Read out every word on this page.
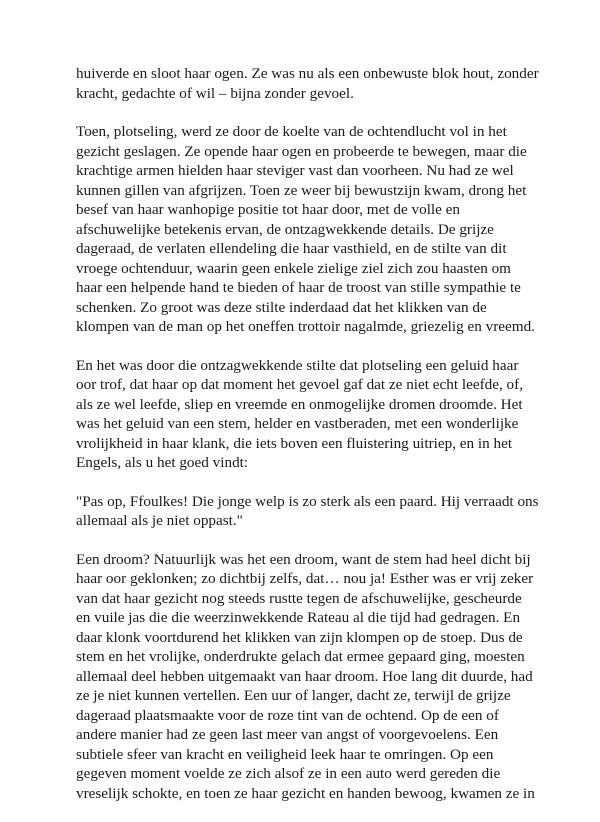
huiverde en sloot haar ogen. Ze was nu als een onbewuste blok hout, zonder
kracht, gedachte of wil – bijna zonder gevoel.

Toen, plotseling, werd ze door de koelte van de ochtendlucht vol in het
gezicht geslagen. Ze opende haar ogen en probeerde te bewegen, maar die
krachtige armen hielden haar steviger vast dan voorheen. Nu had ze wel
kunnen gillen van afgrijzen. Toen ze weer bij bewustzijn kwam, drong het
besef van haar wanhopige positie tot haar door, met de volle en
afschuwelijke betekenis ervan, de ontzagwekkende details. De grijze
dageraad, de verlaten ellendeling die haar vasthield, en de stilte van dit
vroege ochtenduur, waarin geen enkele zielige ziel zich zou haasten om
haar een helpende hand te bieden of haar de troost van stille sympathie te
schenken. Zo groot was deze stilte inderdaad dat het klikken van de
klompen van de man op het oneffen trottoir nagalmde, griezelig en vreemd.

En het was door die ontzagwekkende stilte dat plotseling een geluid haar
oor trof, dat haar op dat moment het gevoel gaf dat ze niet echt leefde, of,
als ze wel leefde, sliep en vreemde en onmogelijke dromen droomde. Het
was het geluid van een stem, helder en vastberaden, met een wonderlijke
vrolijkheid in haar klank, die iets boven een fluistering uitriep, en in het
Engels, als u het goed vindt:

"Pas op, Ffoulkes! Die jonge welp is zo sterk als een paard. Hij verraadt ons
allemaal als je niet oppast."

Een droom? Natuurlijk was het een droom, want de stem had heel dicht bij
haar oor geklonken; zo dichtbij zelfs, dat… nou ja! Esther was er vrij zeker
van dat haar gezicht nog steeds rustte tegen de afschuwelijke, gescheurde
en vuile jas die die weerzinwekkende Rateau al die tijd had gedragen. En
daar klonk voortdurend het klikken van zijn klompen op de stoep. Dus de
stem en het vrolijke, onderdrukte gelach dat ermee gepaard ging, moesten
allemaal deel hebben uitgemaakt van haar droom. Hoe lang dit duurde, had
ze je niet kunnen vertellen. Een uur of langer, dacht ze, terwijl de grijze
dageraad plaatsmaakte voor de roze tint van de ochtend. Op de een of
andere manier had ze geen last meer van angst of voorgevoelens. Een
subtiele sfeer van kracht en veiligheid leek haar te omringen. Op een
gegeven moment voelde ze zich alsof ze in een auto werd gereden die
vreselijk schokte, en toen ze haar gezicht en handen bewoog, kwamen ze in
